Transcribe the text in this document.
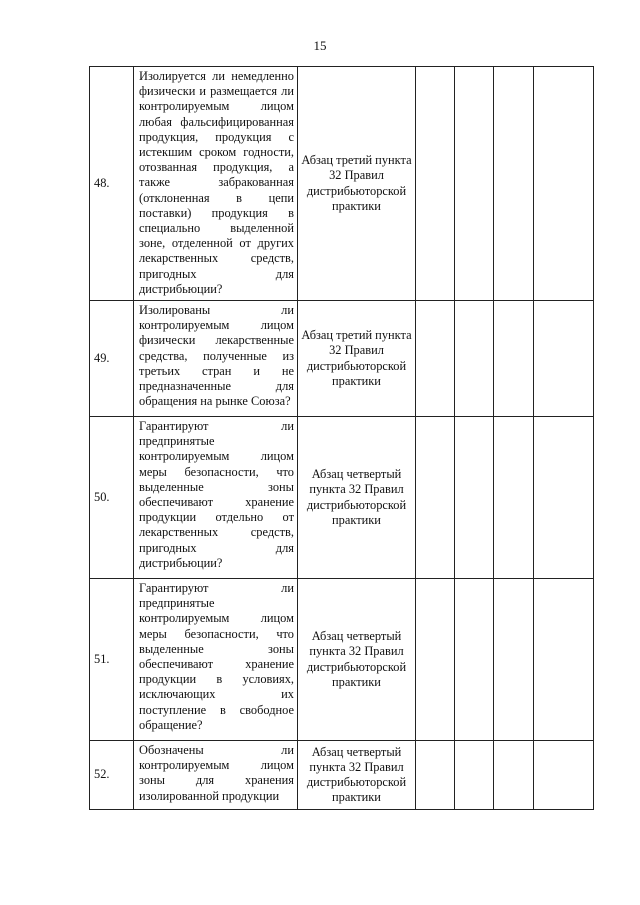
15
48.	Изолируется ли немедленно физически и размещается ли контролируемым лицом любая фальсифицированная продукция, продукция с истекшим сроком годности, отозванная продукция, а также забракованная (отклоненная в цепи поставки) продукция в специально выделенной зоне, отделенной от других лекарственных средств, пригодных для дистрибьюции?	Абзац третий пункта 32 Правил дистрибьюторской практики				
49.	Изолированы ли контролируемым лицом физически лекарственные средства, полученные из третьих стран и не предназначенные для обращения на рынке Союза?	Абзац третий пункта 32 Правил дистрибьюторской практики				
50.	Гарантируют ли предпринятые контролируемым лицом меры безопасности, что выделенные зоны обеспечивают хранение продукции отдельно от лекарственных средств, пригодных для дистрибьюции?	Абзац четвертый пункта 32 Правил дистрибьюторской практики				
51.	Гарантируют ли предпринятые контролируемым лицом меры безопасности, что выделенные зоны обеспечивают хранение продукции в условиях, исключающих их поступление в свободное обращение?	Абзац четвертый пункта 32 Правил дистрибьюторской практики				
52.	Обозначены ли контролируемым лицом зоны для хранения изолированной продукции	Абзац четвертый пункта 32 Правил дистрибьюторской практики				
